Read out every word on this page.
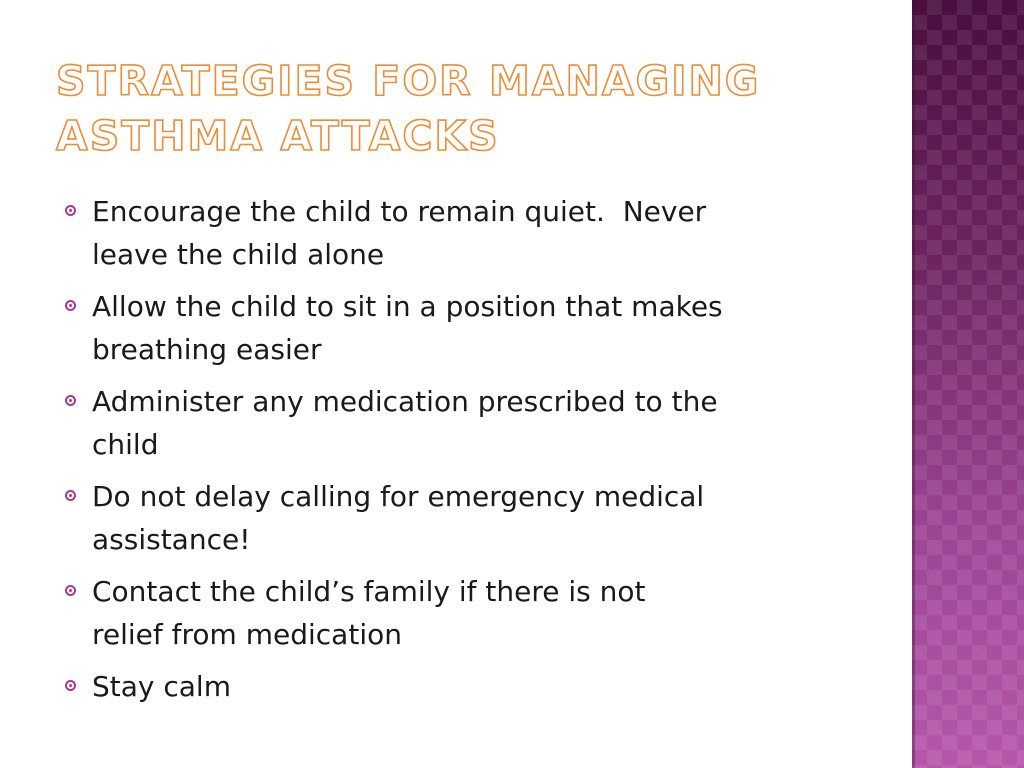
STRATEGIES FOR MANAGING
ASTHMA ATTACKS
Encourage the child to remain quiet.  Never
leave the child alone
Allow the child to sit in a position that makes
breathing easier
Administer any medication prescribed to the
child
Do not delay calling for emergency medical
assistance!
Contact the child’s family if there is not
relief from medication
Stay calm
